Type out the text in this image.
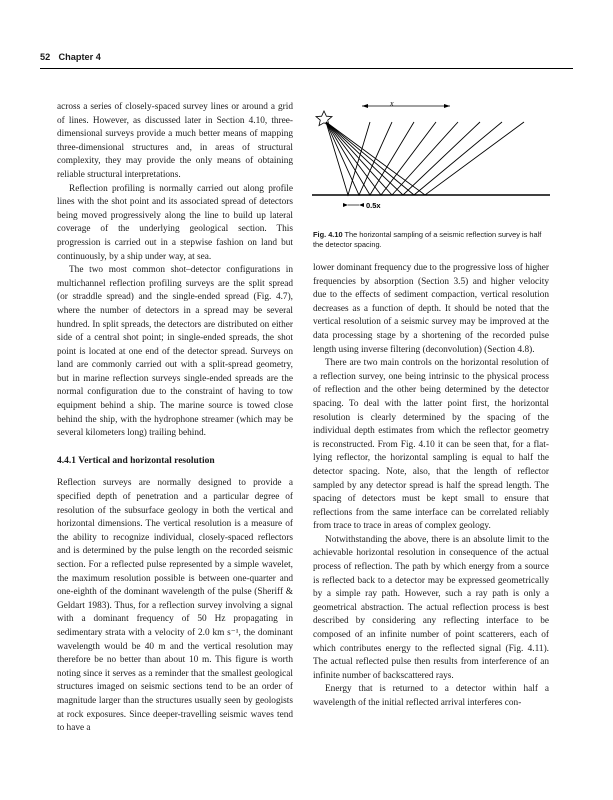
52 Chapter 4

across a series of closely-spaced survey lines or around a grid of lines. However, as discussed later in Section 4.10, three-dimensional surveys provide a much better means of mapping three-dimensional structures and, in areas of structural complexity, they may provide the only means of obtaining reliable structural interpretations.

Reflection profiling is normally carried out along profile lines with the shot point and its associated spread of detectors being moved progressively along the line to build up lateral coverage of the underlying geological section. This progression is carried out in a stepwise fashion on land but continuously, by a ship under way, at sea.

The two most common shot–detector configurations in multichannel reflection profiling surveys are the split spread (or straddle spread) and the single-ended spread (Fig. 4.7), where the number of detectors in a spread may be several hundred. In split spreads, the detectors are distributed on either side of a central shot point; in single-ended spreads, the shot point is located at one end of the detector spread. Surveys on land are commonly carried out with a split-spread geometry, but in marine reflection surveys single-ended spreads are the normal configuration due to the constraint of having to tow equipment behind a ship. The marine source is towed close behind the ship, with the hydrophone streamer (which may be several kilometers long) trailing behind.

4.4.1 Vertical and horizontal resolution

Reflection surveys are normally designed to provide a specified depth of penetration and a particular degree of resolution of the subsurface geology in both the vertical and horizontal dimensions. The vertical resolution is a measure of the ability to recognize individual, closely-spaced reflectors and is determined by the pulse length on the recorded seismic section. For a reflected pulse represented by a simple wavelet, the maximum resolution possible is between one-quarter and one-eighth of the dominant wavelength of the pulse (Sheriff & Geldart 1983). Thus, for a reflection survey involving a signal with a dominant frequency of 50 Hz propagating in sedimentary strata with a velocity of 2.0 km s⁻¹, the dominant wavelength would be 40 m and the vertical resolution may therefore be no better than about 10 m. This figure is worth noting since it serves as a reminder that the smallest geological structures imaged on seismic sections tend to be an order of magnitude larger than the structures usually seen by geologists at rock exposures. Since deeper-travelling seismic waves tend to have a

x
0.5x
Fig. 4.10 The horizontal sampling of a seismic reflection survey is half the detector spacing.

lower dominant frequency due to the progressive loss of higher frequencies by absorption (Section 3.5) and higher velocity due to the effects of sediment compaction, vertical resolution decreases as a function of depth. It should be noted that the vertical resolution of a seismic survey may be improved at the data processing stage by a shortening of the recorded pulse length using inverse filtering (deconvolution) (Section 4.8).

There are two main controls on the horizontal resolution of a reflection survey, one being intrinsic to the physical process of reflection and the other being determined by the detector spacing. To deal with the latter point first, the horizontal resolution is clearly determined by the spacing of the individual depth estimates from which the reflector geometry is reconstructed. From Fig. 4.10 it can be seen that, for a flat-lying reflector, the horizontal sampling is equal to half the detector spacing. Note, also, that the length of reflector sampled by any detector spread is half the spread length. The spacing of detectors must be kept small to ensure that reflections from the same interface can be correlated reliably from trace to trace in areas of complex geology.

Notwithstanding the above, there is an absolute limit to the achievable horizontal resolution in consequence of the actual process of reflection. The path by which energy from a source is reflected back to a detector may be expressed geometrically by a simple ray path. However, such a ray path is only a geometrical abstraction. The actual reflection process is best described by considering any reflecting interface to be composed of an infinite number of point scatterers, each of which contributes energy to the reflected signal (Fig. 4.11). The actual reflected pulse then results from interference of an infinite number of backscattered rays.

Energy that is returned to a detector within half a wavelength of the initial reflected arrival interferes con-
